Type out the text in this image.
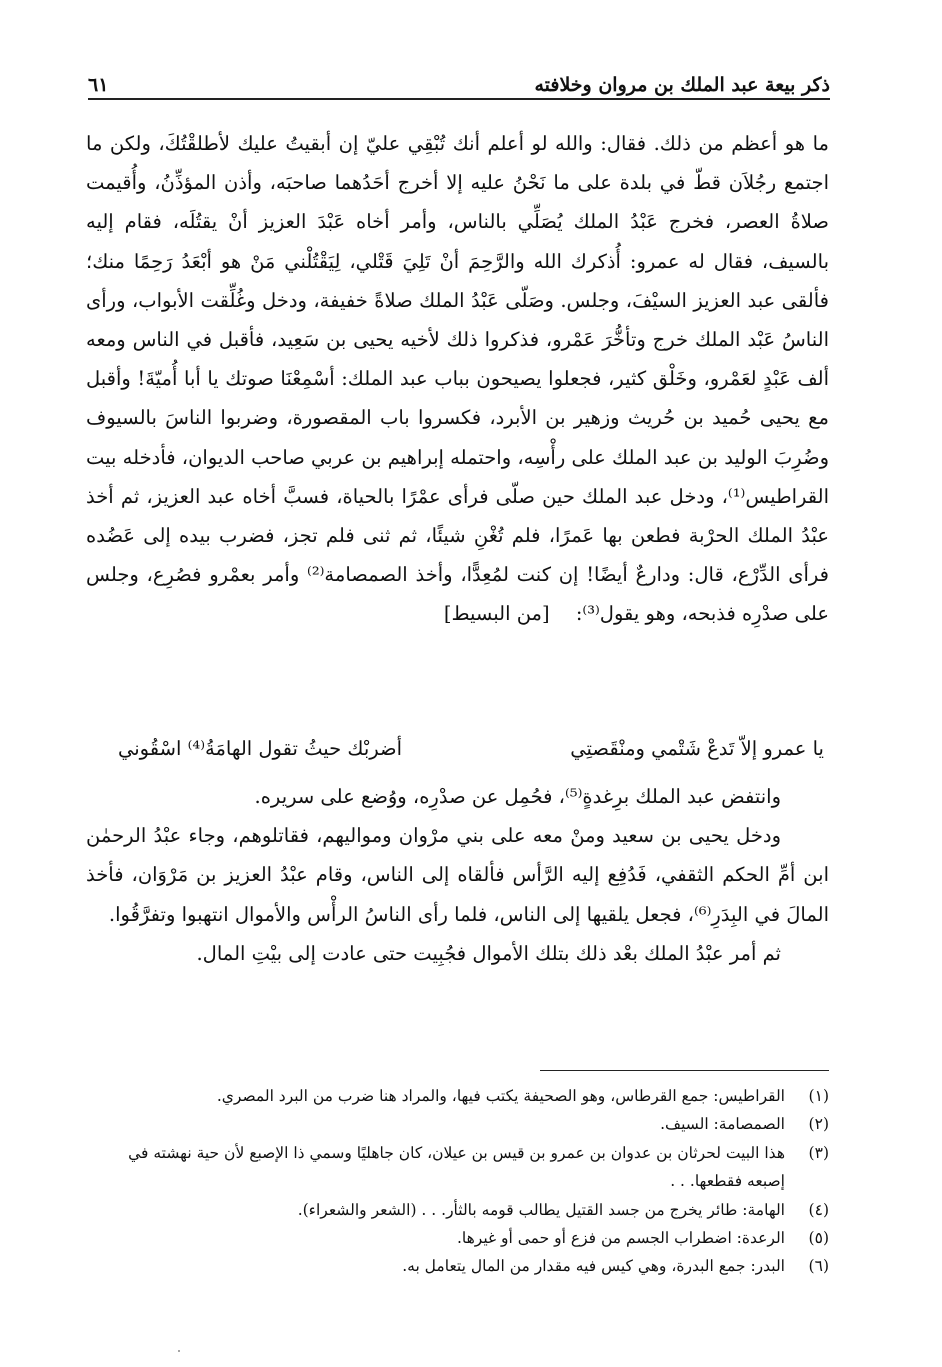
ذكر بيعة عبد الملك بن مروان وخلافته
٦١

ما هو أعظم من ذلك. فقال: والله لو أعلم أنك تُبْقِي عليّ إن أبقيتُ عليك لأطلقْتُكَ، ولكن ما اجتمع رجُلاَن قطّ في بلدة على ما نَحْنُ عليه إلا أخرج أحَدُهما صاحبَه، وأذن المؤذِّنُ، وأُقيمت صلاةُ العصر، فخرج عَبْدُ الملك يُصَلِّي بالناس، وأمر أخاه عَبْدَ العزيز أنْ يقتُلَه، فقام إليه بالسيف، فقال له عمرو: أُذكرك الله والرَّحِمَ أنْ تَلِيَ قَتْلي، لِيَقْتُلْني مَنْ هو أبْعَدُ رَحِمًا منك؛ فألقى عبد العزيز السيْفَ، وجلس. وصَلّى عَبْدُ الملك صلاةً خفيفة، ودخل وغُلِّقت الأبواب، ورأى الناسُ عَبْد الملك خرج وتأخُّرَ عَمْرو، فذكروا ذلك لأخيه يحيى بن سَعِيد، فأقبل في الناس ومعه ألف عَبْدٍ لعَمْرو، وخَلْق كثير، فجعلوا يصيحون بباب عبد الملك: أسْمِعْنَا صوتك يا أبا أُميّةَ! وأقبل مع يحيى حُميد بن حُريث وزهير بن الأبرد، فكسروا باب المقصورة، وضربوا الناسَ بالسيوف وضُرِبَ الوليد بن عبد الملك على رأْسِه، واحتمله إبراهيم بن عربي صاحب الديوان، فأدخله بيت القراطيس⁽¹⁾، ودخل عبد الملك حين صلّى فرأى عمْرًا بالحياة، فسبَّ أخاه عبد العزيز، ثم أخذ عبْدُ الملك الحرْبة فطعن بها عَمرًا، فلم تُغْنِ شيئًا، ثم ثنى فلم تجز، فضرب بيده إلى عَضُده فرأى الدِّرْع، قال: ودارعٌ أيضًا! إن كنت لمُعِدًّا، وأخذ الصمصامة⁽²⁾ وأمر بعمْرو فصُرِع، وجلس على صدْرِه فذبحه، وهو يقول⁽³⁾: [من البسيط]

يا عمرو إلاّ تَدعْ شَتْمي ومنْقَصتِي
أضربْك حيثُ تقول الهامَةُ⁽⁴⁾ اسْقُوني

وانتفض عبد الملك برِغدةٍ⁽⁵⁾، فحُمِل عن صدْرِه، ووُضع على سريره.

ودخل يحيى بن سعيد ومنْ معه على بني مرْوان ومواليهم، فقاتلوهم، وجاء عبْدُ الرحمٰن ابن أمِّ الحكم الثقفي، فَدُفِع إليه الرَّأس فألقاه إلى الناس، وقام عبْدُ العزيز بن مَرْوَان، فأخذ المالَ في البِدَرِ⁽⁶⁾، فجعل يلقيها إلى الناس، فلما رأى الناسُ الرأْس والأموال انتهبوا وتفرَّقُوا.

ثم أمر عبْدُ الملك بعْد ذلك بتلك الأموال فجُبِيت حتى عادت إلى بيْتِ المال.

(١)
القراطيس: جمع القرطاس، وهو الصحيفة يكتب فيها، والمراد هنا ضرب من البرد المصري.
(٢)
الصمصامة: السيف.
(٣)
هذا البيت لحرثان بن عدوان بن عمرو بن قيس بن عيلان، كان جاهليًا وسمي ذا الإصبع لأن حية نهشته في إصبعه فقطعها. . .
(٤)
الهامة: طائر يخرج من جسد القتيل يطالب قومه بالثأر. . . (الشعر والشعراء).
(٥)
الرعدة: اضطراب الجسم من فزع أو حمى أو غيرها.
(٦)
البدر: جمع البدرة، وهي كيس فيه مقدار من المال يتعامل به.
